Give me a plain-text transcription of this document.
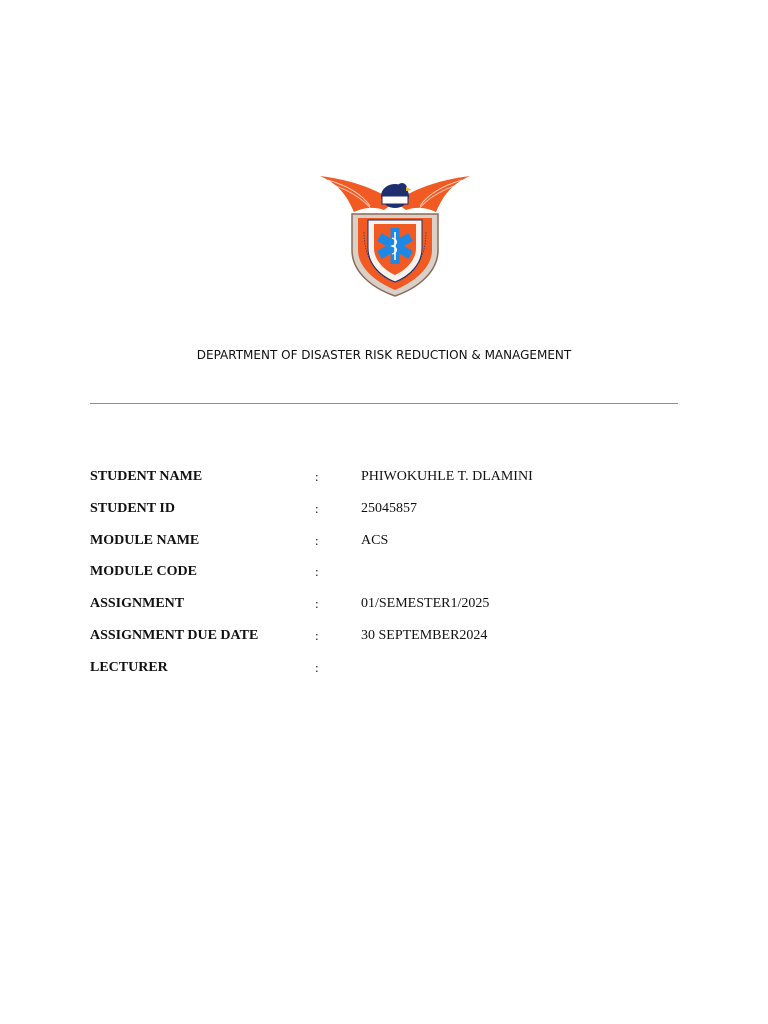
DEPARTMENT OF DISASTER RISK REDUCTION & MANAGEMENT
STUDENT NAME	:	PHIWOKUHLE T. DLAMINI
STUDENT ID	:	25045857
MODULE NAME	:	ACS
MODULE CODE	:
ASSIGNMENT	:	01/SEMESTER1/2025
ASSIGNMENT DUE DATE	:	30 SEPTEMBER2024
LECTURER	:
